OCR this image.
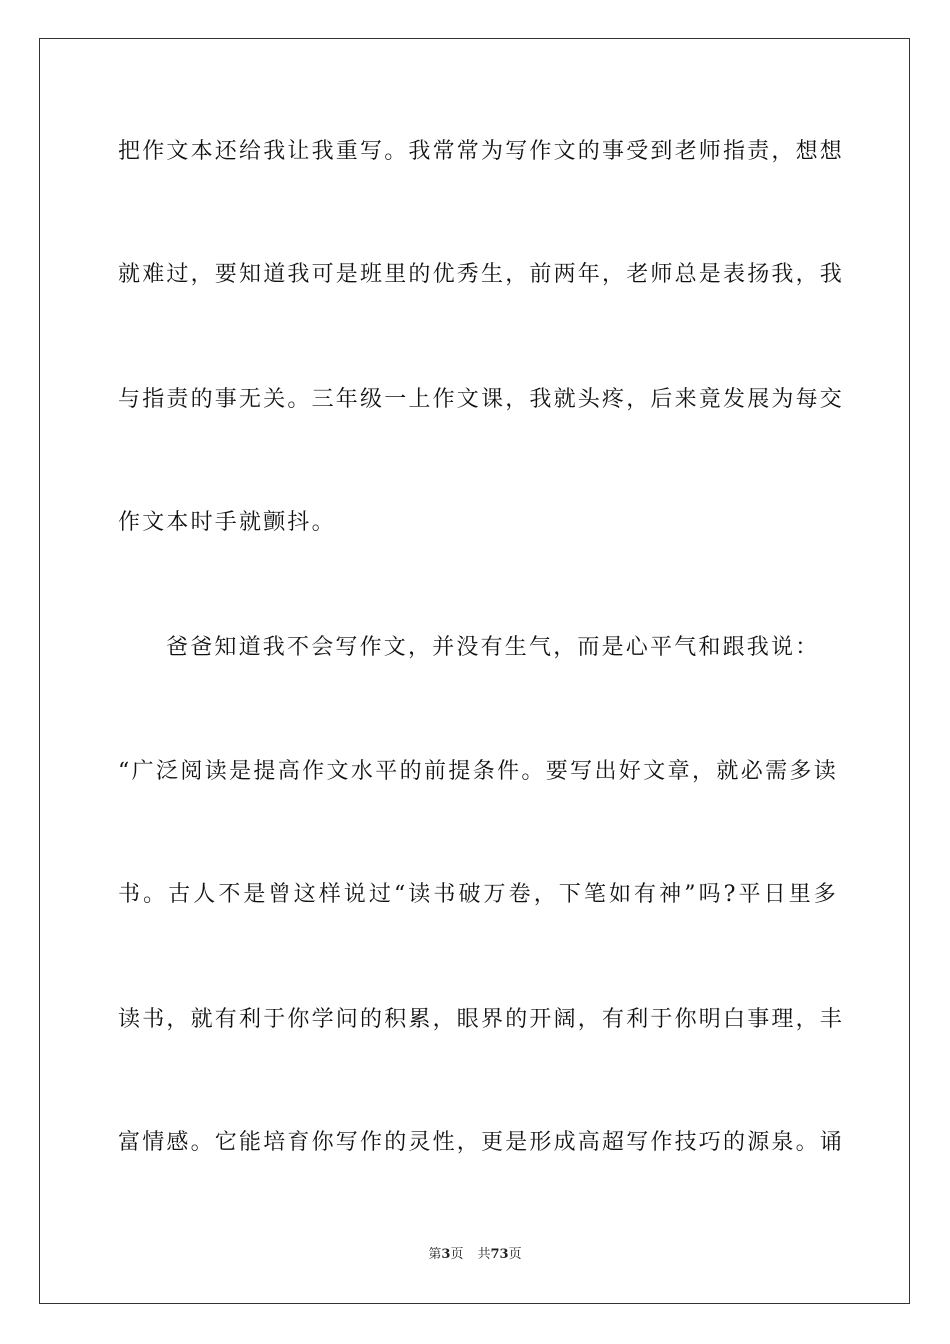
把作文本还给我让我重写。我常常为写作文的事受到老师指责，想想
就难过，要知道我可是班里的优秀生，前两年，老师总是表扬我，我
与指责的事无关。三年级一上作文课，我就头疼，后来竟发展为每交
作文本时手就颤抖。
爸爸知道我不会写作文，并没有生气，而是心平气和跟我说：
“广泛阅读是提高作文水平的前提条件。要写出好文章，就必需多读
书。古人不是曾这样说过“读书破万卷，下笔如有神”吗?平日里多
读书，就有利于你学问的积累，眼界的开阔，有利于你明白事理，丰
富情感。它能培育你写作的灵性，更是形成高超写作技巧的源泉。诵
第3页 共73页
